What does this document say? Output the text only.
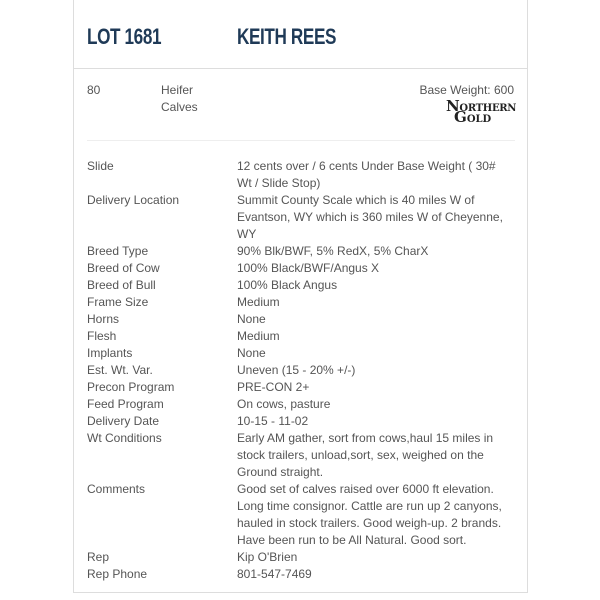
LOT 1681	KEITH REES
80	Heifer
Calves
Base Weight: 600
NORTHERN
GOLD
Slide	12 cents over / 6 cents Under Base Weight ( 30# Wt / Slide Stop)
Delivery Location	Summit County Scale which is 40 miles W of Evantson, WY which is 360 miles W of Cheyenne, WY
Breed Type	90% Blk/BWF, 5% RedX, 5% CharX
Breed of Cow	100% Black/BWF/Angus X
Breed of Bull	100% Black Angus
Frame Size	Medium
Horns	None
Flesh	Medium
Implants	None
Est. Wt. Var.	Uneven (15 - 20% +/-)
Precon Program	PRE-CON 2+
Feed Program	On cows, pasture
Delivery Date	10-15 - 11-02
Wt Conditions	Early AM gather, sort from cows,haul 15 miles in stock trailers, unload,sort, sex, weighed on the Ground straight.
Comments	Good set of calves raised over 6000 ft elevation. Long time consignor. Cattle are run up 2 canyons, hauled in stock trailers. Good weigh-up. 2 brands. Have been run to be All Natural. Good sort.
Rep	Kip O'Brien
Rep Phone	801-547-7469
